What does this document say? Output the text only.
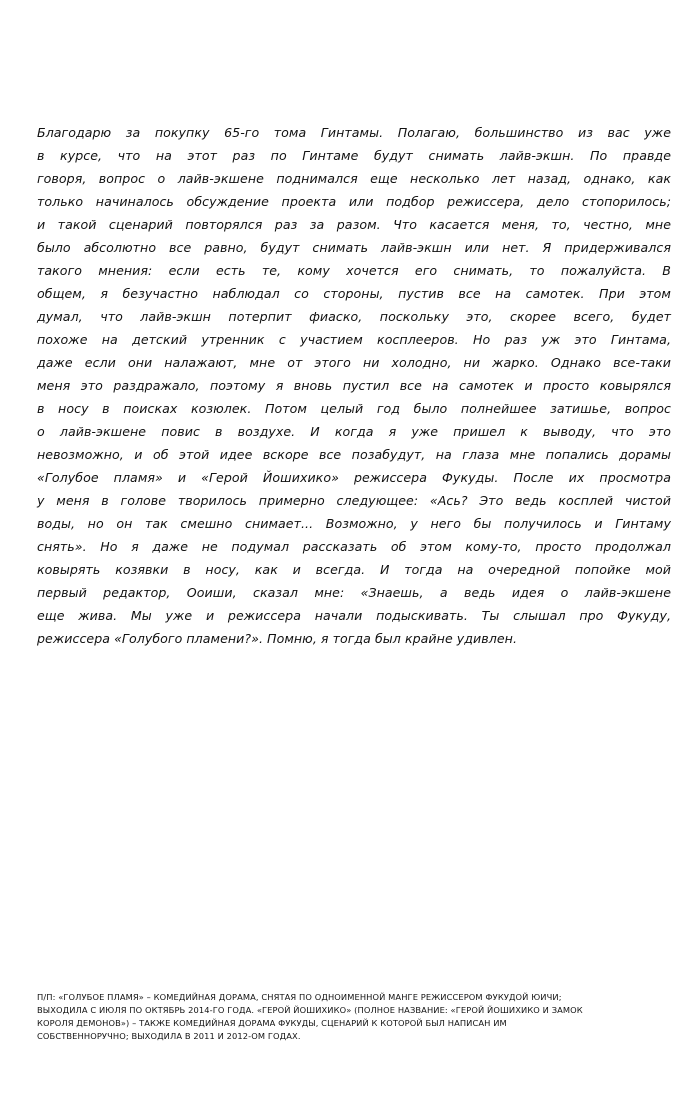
Благодарю за покупку 65-го тома Гинтамы. Полагаю, большинство из вас уже
в курсе, что на этот раз по Гинтаме будут снимать лайв-экшн. По правде
говоря, вопрос о лайв-экшене поднимался еще несколько лет назад, однако, как
только начиналось обсуждение проекта или подбор режиссера, дело стопорилось;
и такой сценарий повторялся раз за разом. Что касается меня, то, честно, мне
было абсолютно все равно, будут снимать лайв-экшн или нет. Я придерживался
такого мнения: если есть те, кому хочется его снимать, то пожалуйста. В
общем, я безучастно наблюдал со стороны, пустив все на самотек. При этом
думал, что лайв-экшн потерпит фиаско, поскольку это, скорее всего, будет
похоже на детский утренник с участием косплееров. Но раз уж это Гинтама,
даже если они налажают, мне от этого ни холодно, ни жарко. Однако все-таки
меня это раздражало, поэтому я вновь пустил все на самотек и просто ковырялся
в носу в поисках козюлек. Потом целый год было полнейшее затишье, вопрос
о лайв-экшене повис в воздухе. И когда я уже пришел к выводу, что это
невозможно, и об этой идее вскоре все позабудут, на глаза мне попались дорамы
«Голубое пламя» и «Герой Йошихико» режиссера Фукуды. После их просмотра
у меня в голове творилось примерно следующее: «Ась? Это ведь косплей чистой
воды, но он так смешно снимает... Возможно, у него бы получилось и Гинтаму
снять». Но я даже не подумал рассказать об этом кому-то, просто продолжал
ковырять козявки в носу, как и всегда. И тогда на очередной попойке мой
первый редактор, Ооиши, сказал мне: «Знаешь, а ведь идея о лайв-экшене
еще жива. Мы уже и режиссера начали подыскивать. Ты слышал про Фукуду,
режиссера «Голубого пламени?». Помню, я тогда был крайне удивлен.
П/П: «ГОЛУБОЕ ПЛАМЯ» – КОМЕДИЙНАЯ ДОРАМА, СНЯТАЯ ПО ОДНОИМЕННОЙ МАНГЕ РЕЖИССЕРОМ ФУКУДОЙ ЮИЧИ;
ВЫХОДИЛА С ИЮЛЯ ПО ОКТЯБРЬ 2014-ГО ГОДА. «ГЕРОЙ ЙОШИХИКО» (ПОЛНОЕ НАЗВАНИЕ: «ГЕРОЙ ЙОШИХИКО И ЗАМОК
КОРОЛЯ ДЕМОНОВ») – ТАКЖЕ КОМЕДИЙНАЯ ДОРАМА ФУКУДЫ, СЦЕНАРИЙ К КОТОРОЙ БЫЛ НАПИСАН ИМ
СОБСТВЕННОРУЧНО; ВЫХОДИЛА В 2011 И 2012-ОМ ГОДАХ.
